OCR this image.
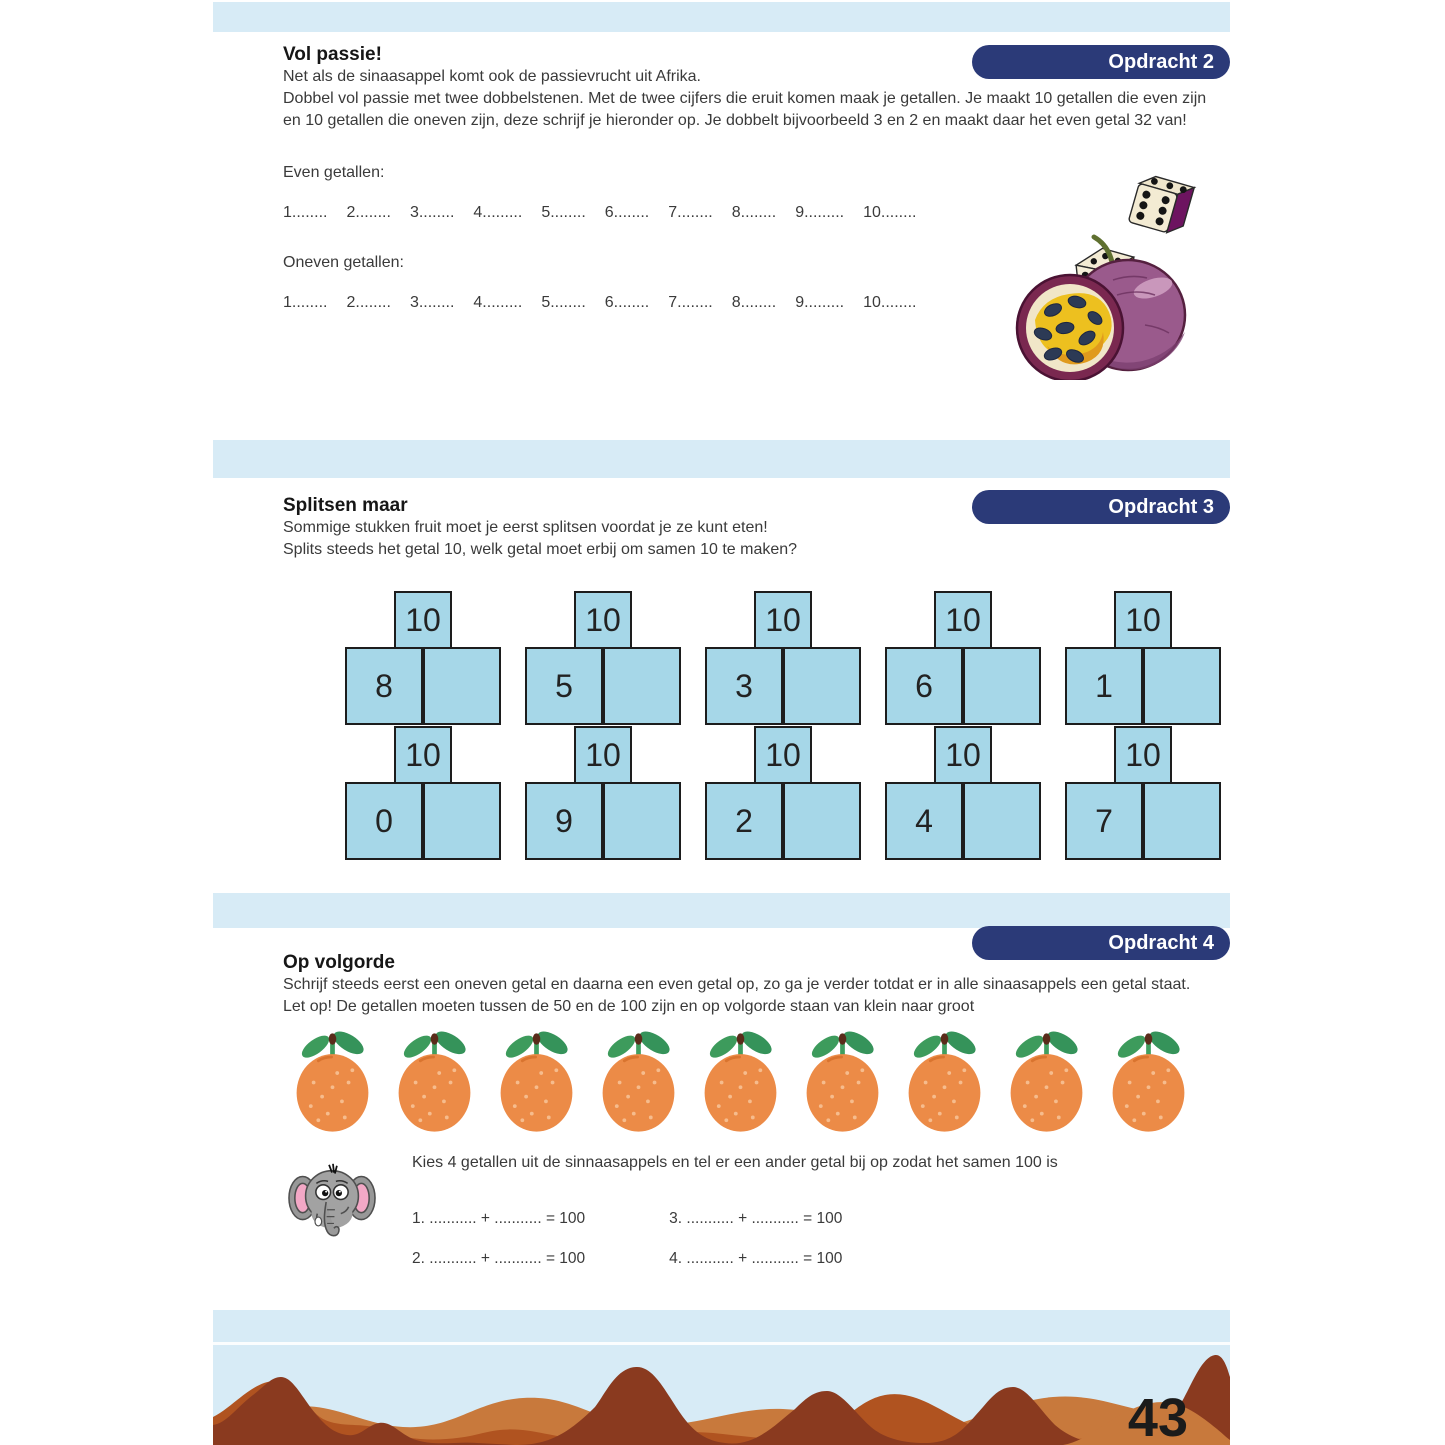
Opdracht 2
Vol passie!

Net als de sinaasappel komt ook de passievrucht uit Afrika.

Dobbel vol passie met twee dobbelstenen. Met de twee cijfers die eruit komen maak je getallen. Je maakt 10 getallen die even zijn en 10 getallen die oneven zijn, deze schrijf je hieronder op. Je dobbelt bijvoorbeeld 3 en 2 en maakt daar het even getal 32 van!

Even getallen:

1........ 2........ 3........ 4......... 5........ 6........ 7........ 8........ 9......... 10........

Oneven getallen:

1........ 2........ 3........ 4......... 5........ 6........ 7........ 8........ 9......... 10........
Opdracht 3
Splitsen maar

Sommige stukken fruit moet je eerst splitsen voordat je ze kunt eten!

Splits steeds het getal 10, welk getal moet erbij om samen 10 te maken?

10
8
10
5
10
3
10
6
10
1
10
0
10
9
10
2
10
4
10
7
Opdracht 4
Op volgorde

Schrijf steeds eerst een oneven getal en daarna een even getal op, zo ga je verder totdat er in alle sinaasappels een getal staat.

Let op! De getallen moeten tussen de 50 en de 100 zijn en op volgorde staan van klein naar groot

Kies 4 getallen uit de sinnaasappels en tel er een ander getal bij op zodat het samen 100 is

1. ........... + ........... = 100
2. ........... + ........... = 100
3. ........... + ........... = 100
4. ........... + ........... = 100
43
